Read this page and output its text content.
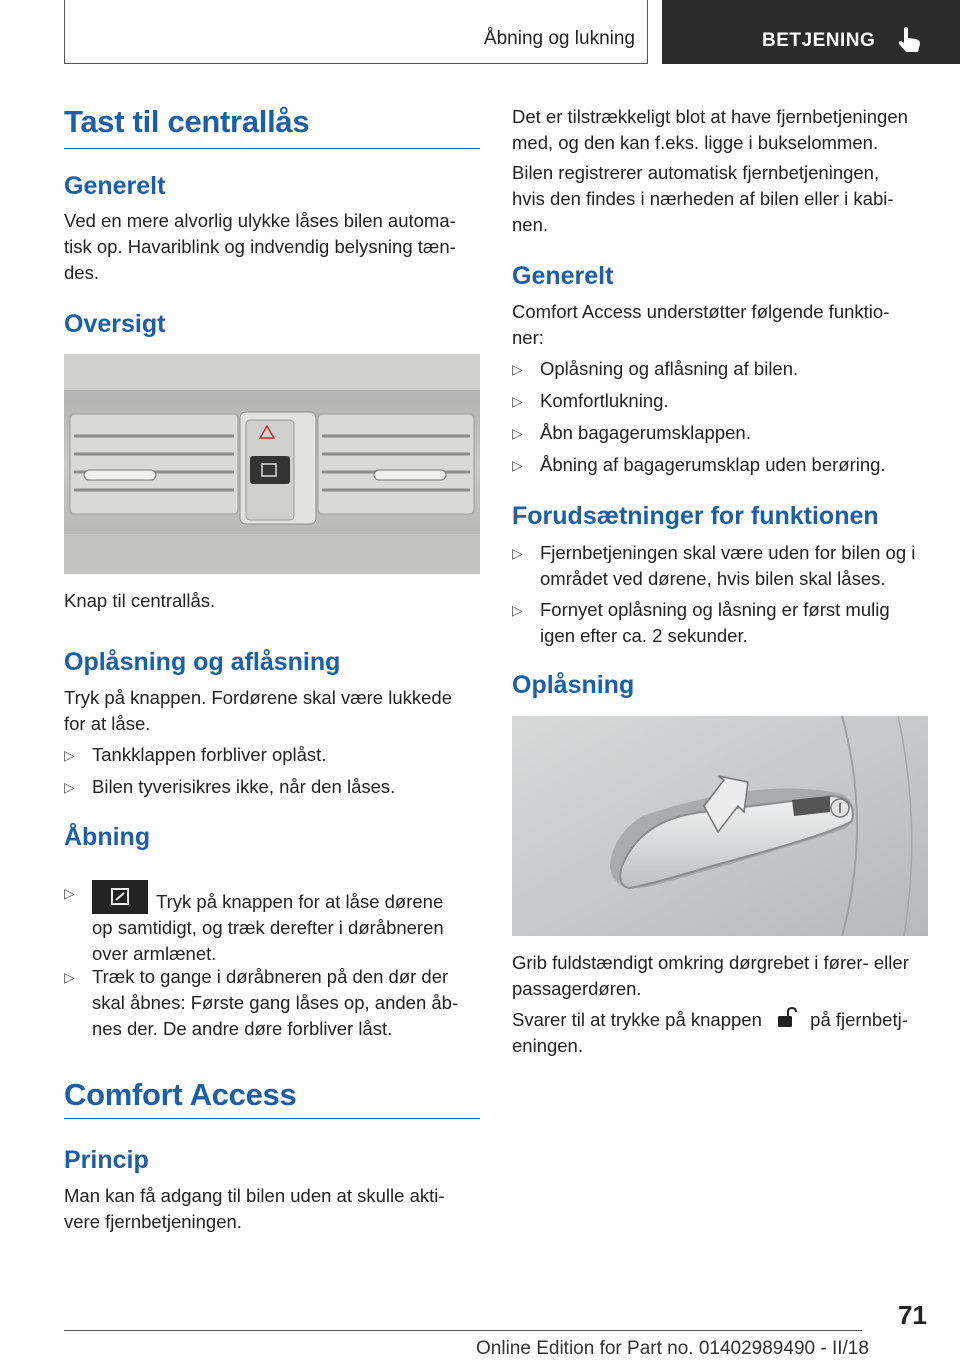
Åbning og lukning	BETJENING
Tast til centrallås
Generelt

Ved en mere alvorlig ulykke låses bilen automa-
tisk op. Havariblink og indvendig belysning tæn-
des.

Oversigt

Knap til centrallås.

Oplåsning og aflåsning

Tryk på knappen. Fordørene skal være lukkede
for at låse.

▷ Tankklappen forbliver oplåst.
▷ Bilen tyverisikres ikke, når den låses.
Åbning
▷	Tryk på knappen for at låse dørene
op samtidigt, og træk derefter i døråbneren
over armlænet.
▷ Træk to gange i døråbneren på den dør der
skal åbnes: Første gang låses op, anden åb-
nes der. De andre døre forbliver låst.
Comfort Access
Princip

Man kan få adgang til bilen uden at skulle akti-
vere fjernbetjeningen.

Det er tilstrækkeligt blot at have fjernbetjeningen
med, og den kan f.eks. ligge i bukselommen.

Bilen registrerer automatisk fjernbetjeningen,
hvis den findes i nærheden af bilen eller i kabi-
nen.

Generelt

Comfort Access understøtter følgende funktio-
ner:

▷ Oplåsning og aflåsning af bilen.
▷ Komfortlukning.
▷ Åbn bagagerumsklappen.
▷ Åbning af bagagerumsklap uden berøring.
Forudsætninger for funktionen
▷ Fjernbetjeningen skal være uden for bilen og i
området ved dørene, hvis bilen skal låses.
▷ Fornyet oplåsning og låsning er først mulig
igen efter ca. 2 sekunder.
Oplåsning

Grib fuldstændigt omkring dørgrebet i fører- eller
passagerdøren.

Svarer til at trykke på knappen	på fjernbetj-
eningen.

71
Online Edition for Part no. 01402989490 - II/18
